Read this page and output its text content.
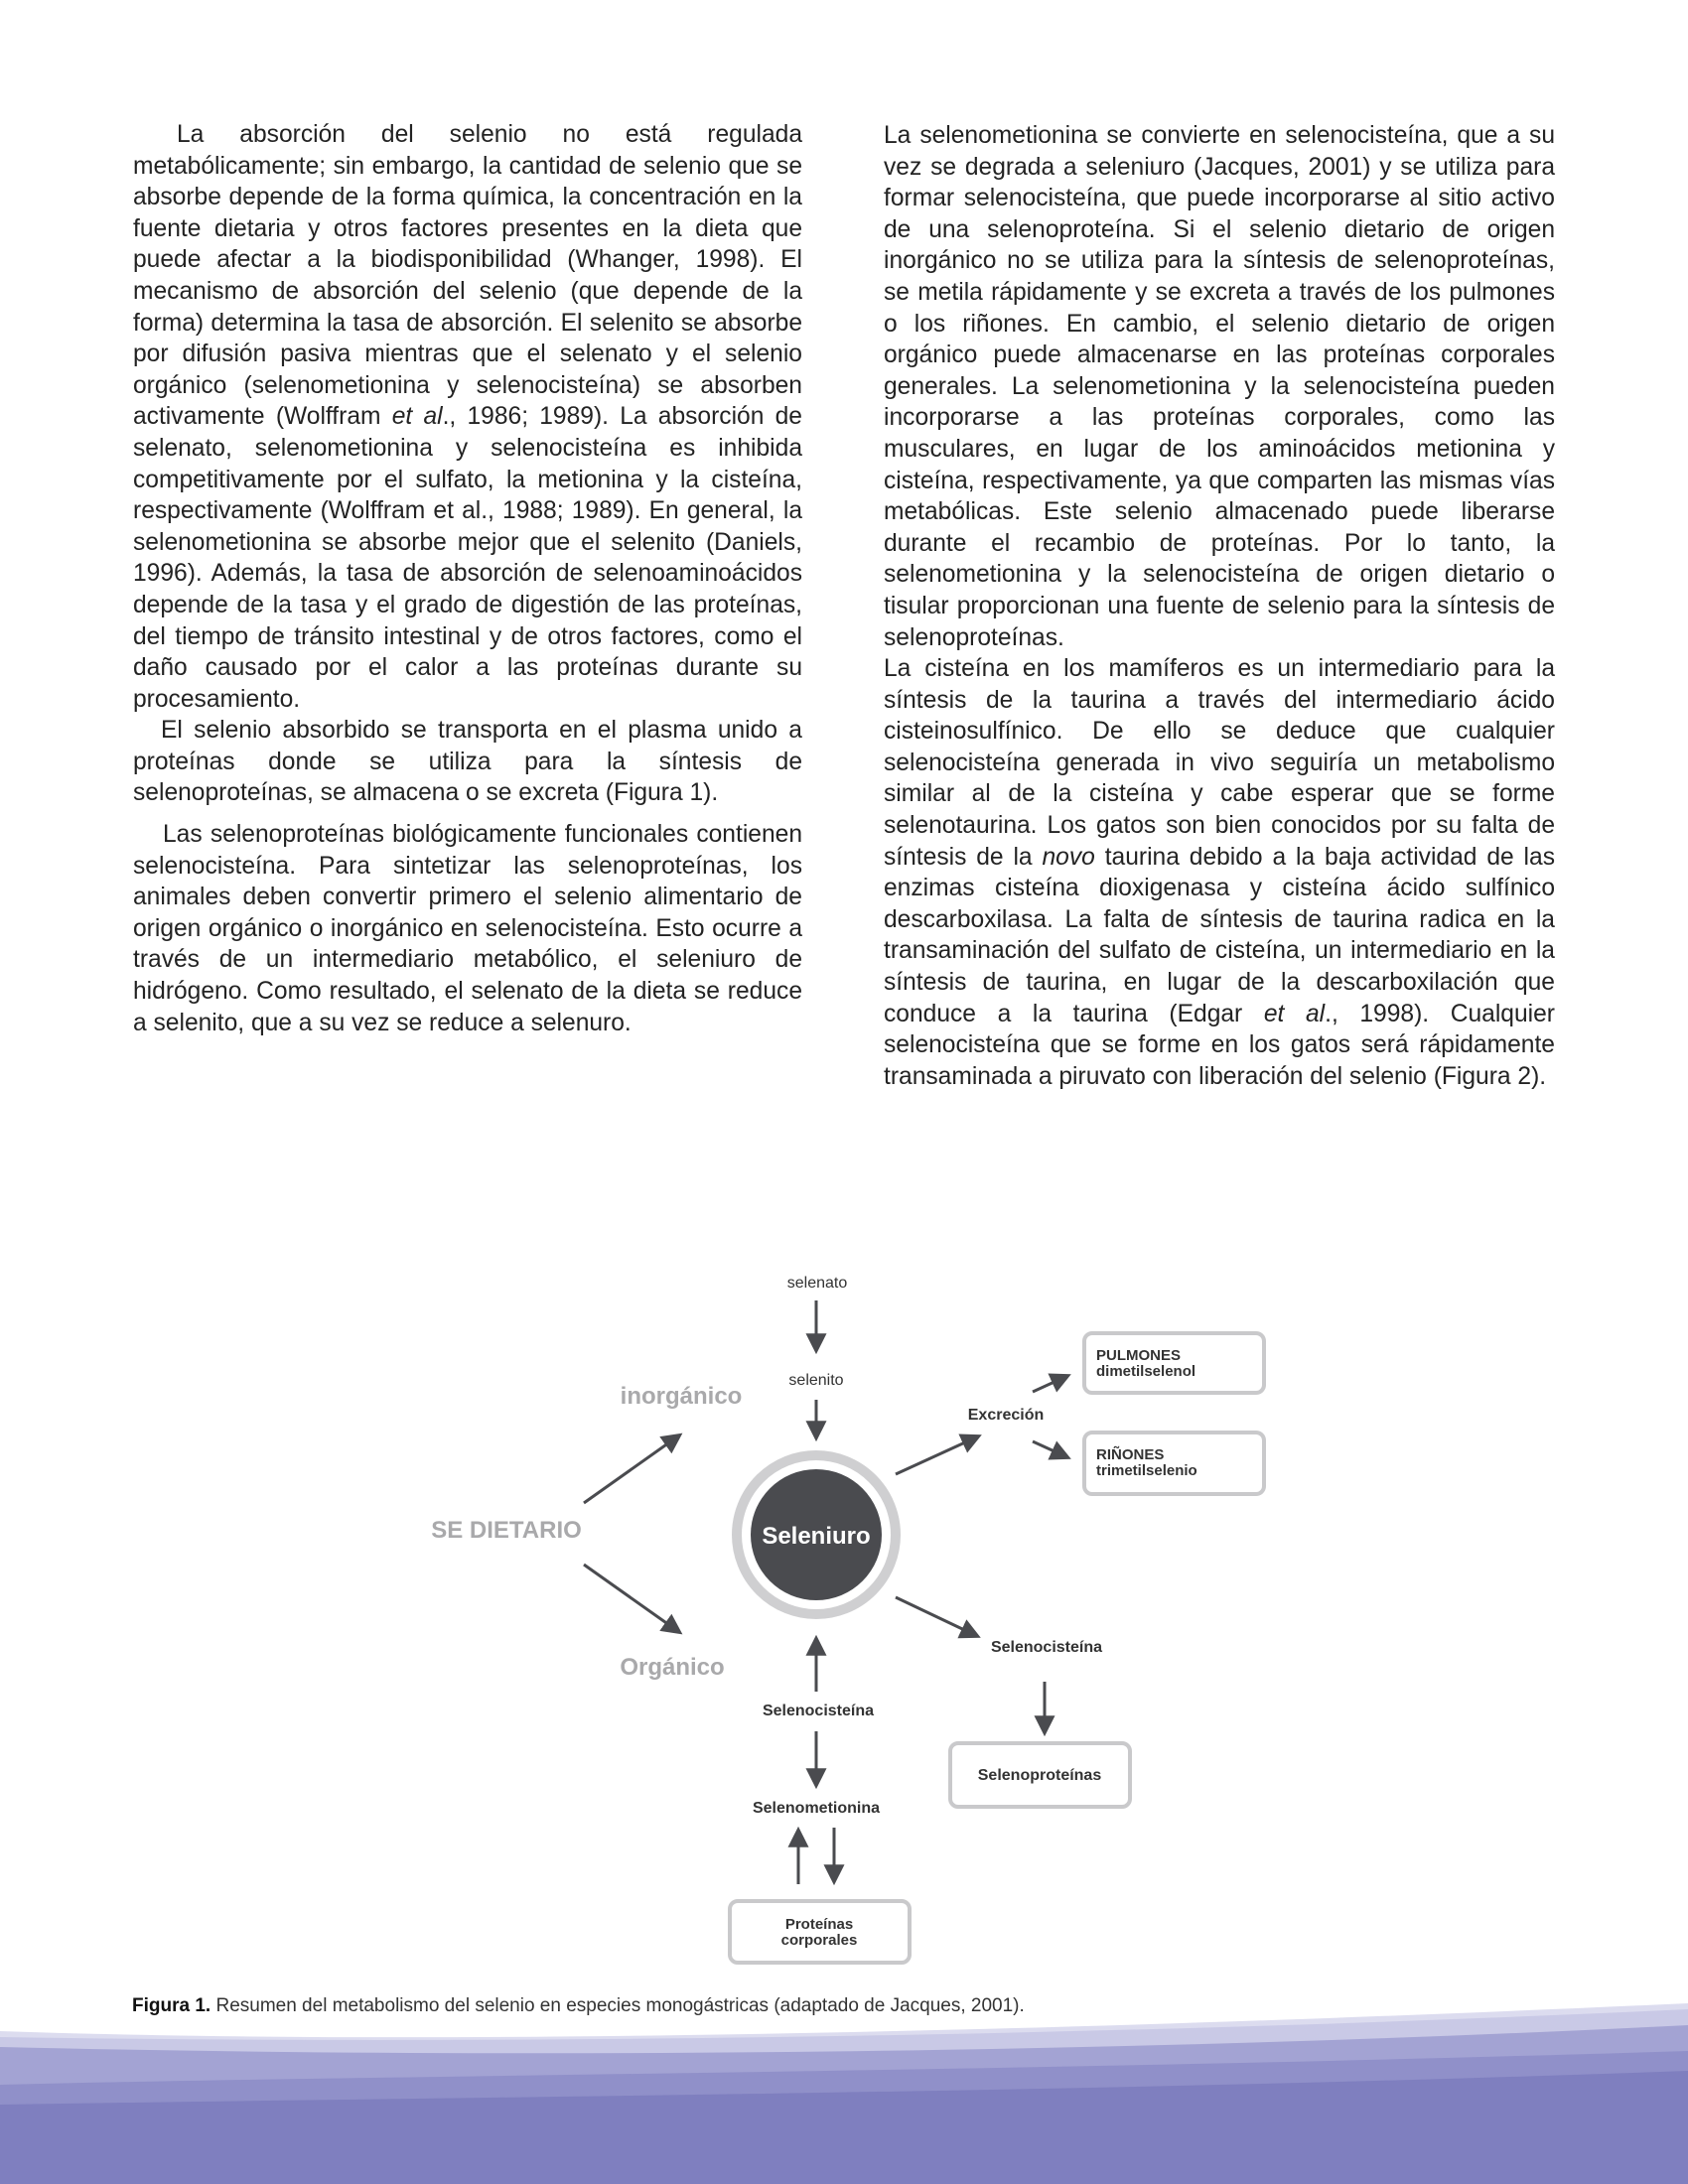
La absorción del selenio no está regulada metabólicamente; sin embargo, la cantidad de selenio que se absorbe depende de la forma química, la concentración en la fuente dietaria y otros factores presentes en la dieta que puede afectar a la biodisponibilidad (Whanger, 1998). El mecanismo de absorción del selenio (que depende de la forma) determina la tasa de absorción. El selenito se absorbe por difusión pasiva mientras que el selenato y el selenio orgánico (selenometionina y selenocisteína) se absorben activamente (Wolffram et al., 1986; 1989). La absorción de selenato, selenometionina y selenocisteína es inhibida competitivamente por el sulfato, la metionina y la cisteína, respectivamente (Wolffram et al., 1988; 1989). En general, la selenometionina se absorbe mejor que el selenito (Daniels, 1996). Además, la tasa de absorción de selenoaminoácidos depende de la tasa y el grado de digestión de las proteínas, del tiempo de tránsito intestinal y de otros factores, como el daño causado por el calor a las proteínas durante su procesamiento.

El selenio absorbido se transporta en el plasma unido a proteínas donde se utiliza para la síntesis de selenoproteínas, se almacena o se excreta (Figura 1).

Las selenoproteínas biológicamente funcionales contienen selenocisteína. Para sintetizar las selenoproteínas, los animales deben convertir primero el selenio alimentario de origen orgánico o inorgánico en selenocisteína. Esto ocurre a través de un intermediario metabólico, el seleniuro de hidrógeno. Como resultado, el selenato de la dieta se reduce a selenito, que a su vez se reduce a selenuro.

La selenometionina se convierte en selenocisteína, que a su vez se degrada a seleniuro (Jacques, 2001) y se utiliza para formar selenocisteína, que puede incorporarse al sitio activo de una selenoproteína. Si el selenio dietario de origen inorgánico no se utiliza para la síntesis de selenoproteínas, se metila rápidamente y se excreta a través de los pulmones o los riñones. En cambio, el selenio dietario de origen orgánico puede almacenarse en las proteínas corporales generales. La selenometionina y la selenocisteína pueden incorporarse a las proteínas corporales, como las musculares, en lugar de los aminoácidos metionina y cisteína, respectivamente, ya que comparten las mismas vías metabólicas. Este selenio almacenado puede liberarse durante el recambio de proteínas. Por lo tanto, la selenometionina y la selenocisteína de origen dietario o tisular proporcionan una fuente de selenio para la síntesis de selenoproteínas.

La cisteína en los mamíferos es un intermediario para la síntesis de la taurina a través del intermediario ácido cisteinosulfínico. De ello se deduce que cualquier selenocisteína generada in vivo seguiría un metabolismo similar al de la cisteína y cabe esperar que se forme selenotaurina. Los gatos son bien conocidos por su falta de síntesis de la novo taurina debido a la baja actividad de las enzimas cisteína dioxigenasa y cisteína ácido sulfínico descarboxilasa. La falta de síntesis de taurina radica en la transaminación del sulfato de cisteína, un intermediario en la síntesis de taurina, en lugar de la descarboxilación que conduce a la taurina (Edgar et al., 1998). Cualquier selenocisteína que se forme en los gatos será rápidamente transaminada a piruvato con liberación del selenio (Figura 2).

selenato
selenito
inorgánico
SE DIETARIO
Orgánico
Seleniuro
Excreción
PULMONES
dimetilselenol
RIÑONES
trimetilselenio
Selenocisteína
Selenoproteínas
Selenocisteína
Selenometionina
Proteínas
corporales
Figura 1. Resumen del metabolismo del selenio en especies monogástricas (adaptado de Jacques, 2001).
